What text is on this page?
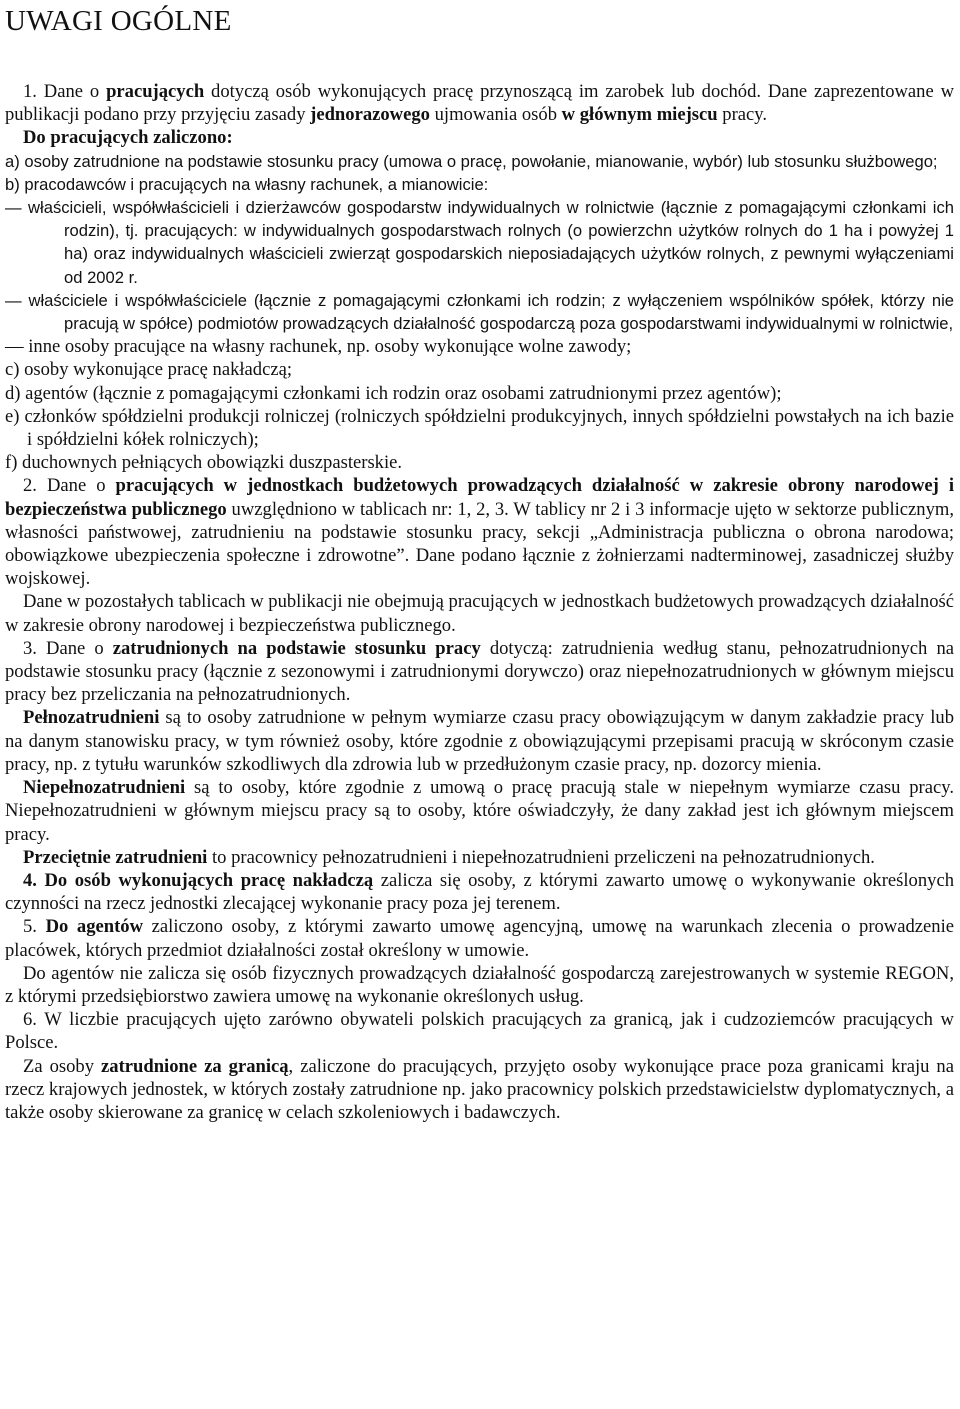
UWAGI OGÓLNE

1. Dane o pracujących dotyczą osób wykonujących pracę przynoszącą im zarobek lub dochód. Dane zaprezentowane w publikacji podano przy przyjęciu zasady jednorazowego ujmowania osób w głównym miejscu pracy.

Do pracujących zaliczono:

a) osoby zatrudnione na podstawie stosunku pracy (umowa o pracę, powołanie, mianowanie, wybór) lub stosunku służbowego;

b) pracodawców i pracujących na własny rachunek, a mianowicie:

— właścicieli, współwłaścicieli i dzierżawców gospodarstw indywidualnych w rolnictwie (łącznie z pomagającymi członkami ich rodzin), tj. pracujących: w indywidualnych gospodarstwach rolnych (o powierzchn użytków rolnych do 1 ha i powyżej 1 ha) oraz indywidualnych właścicieli zwierząt gospodarskich nieposiadających użytków rolnych, z pewnymi wyłączeniami od 2002 r.

— właściciele i współwłaściciele (łącznie z pomagającymi członkami ich rodzin; z wyłączeniem wspólników spółek, którzy nie pracują w spółce) podmiotów prowadzących działalność gospodarczą poza gospodarstwami indywidualnymi w rolnictwie,

— inne osoby pracujące na własny rachunek, np. osoby wykonujące wolne zawody;

c) osoby wykonujące pracę nakładczą;

d) agentów (łącznie z pomagającymi członkami ich rodzin oraz osobami zatrudnionymi przez agentów);

e) członków spółdzielni produkcji rolniczej (rolniczych spółdzielni produkcyjnych, innych spółdzielni powstałych na ich bazie i spółdzielni kółek rolniczych);

f) duchownych pełniących obowiązki duszpasterskie.

2. Dane o pracujących w jednostkach budżetowych prowadzących działalność w zakresie obrony narodowej i bezpieczeństwa publicznego uwzględniono w tablicach nr: 1, 2, 3. W tablicy nr 2 i 3 informacje ujęto w sektorze publicznym, własności państwowej, zatrudnieniu na podstawie stosunku pracy, sekcji „Administracja publiczna o obrona narodowa; obowiązkowe ubezpieczenia społeczne i zdrowotne”. Dane podano łącznie z żołnierzami nadterminowej, zasadniczej służby wojskowej.

Dane w pozostałych tablicach w publikacji nie obejmują pracujących w jednostkach budżetowych prowadzących działalność w zakresie obrony narodowej i bezpieczeństwa publicznego.

3. Dane o zatrudnionych na podstawie stosunku pracy dotyczą: zatrudnienia według stanu, pełnozatrudnionych na podstawie stosunku pracy (łącznie z sezonowymi i zatrudnionymi dorywczo) oraz niepełnozatrudnionych w głównym miejscu pracy bez przeliczania na pełnozatrudnionych.

Pełnozatrudnieni są to osoby zatrudnione w pełnym wymiarze czasu pracy obowiązującym w danym zakładzie pracy lub na danym stanowisku pracy, w tym również osoby, które zgodnie z obowiązującymi przepisami pracują w skróconym czasie pracy, np. z tytułu warunków szkodliwych dla zdrowia lub w przedłużonym czasie pracy, np. dozorcy mienia.

Niepełnozatrudnieni są to osoby, które zgodnie z umową o pracę pracują stale w niepełnym wymiarze czasu pracy. Niepełnozatrudnieni w głównym miejscu pracy są to osoby, które oświadczyły, że dany zakład jest ich głównym miejscem pracy.

Przeciętnie zatrudnieni to pracownicy pełnozatrudnieni i niepełnozatrudnieni przeliczeni na pełnozatrudnionych.

4. Do osób wykonujących pracę nakładczą zalicza się osoby, z którymi zawarto umowę o wykonywanie określonych czynności na rzecz jednostki zlecającej wykonanie pracy poza jej terenem.

5. Do agentów zaliczono osoby, z którymi zawarto umowę agencyjną, umowę na warunkach zlecenia o prowadzenie placówek, których przedmiot działalności został określony w umowie.

Do agentów nie zalicza się osób fizycznych prowadzących działalność gospodarczą zarejestrowanych w systemie REGON, z którymi przedsiębiorstwo zawiera umowę na wykonanie określonych usług.

6. W liczbie pracujących ujęto zarówno obywateli polskich pracujących za granicą, jak i cudzoziemców pracujących w Polsce.

Za osoby zatrudnione za granicą, zaliczone do pracujących, przyjęto osoby wykonujące prace poza granicami kraju na rzecz krajowych jednostek, w których zostały zatrudnione np. jako pracownicy polskich przedstawicielstw dyplomatycznych, a także osoby skierowane za granicę w celach szkoleniowych i badawczych.
